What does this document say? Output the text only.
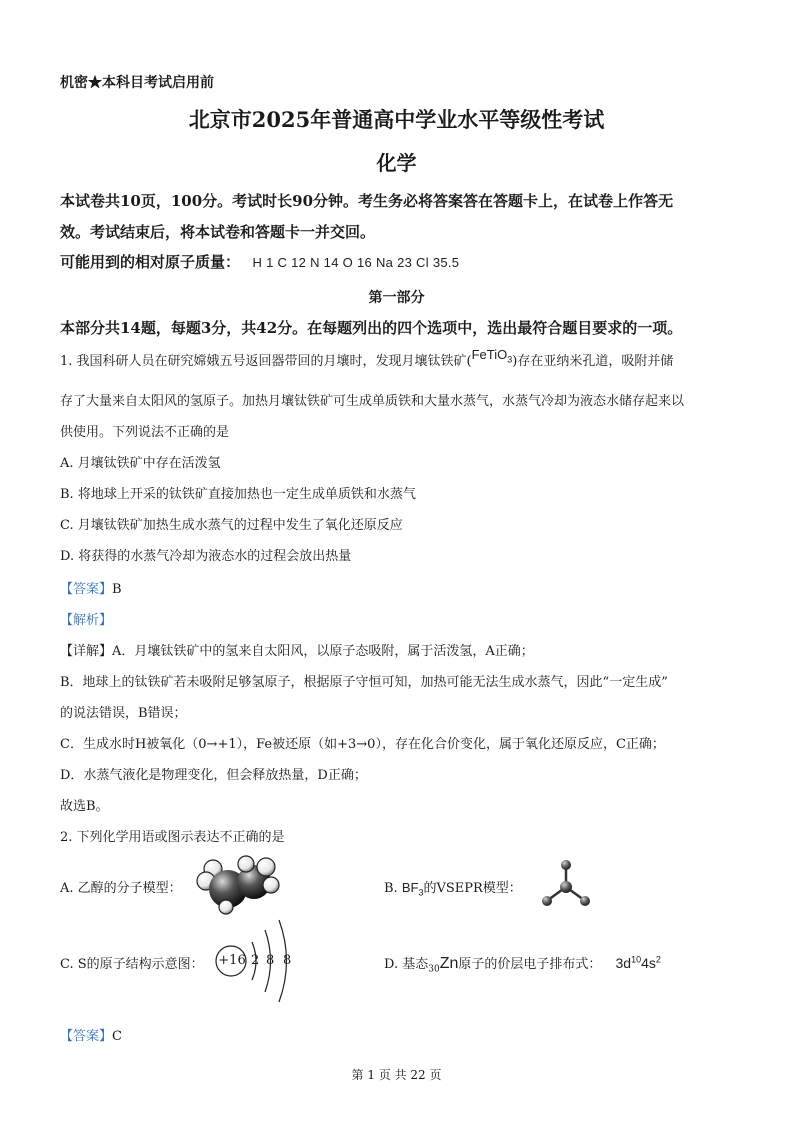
机密★本科目考试启用前
北京市2025年普通高中学业水平等级性考试
化学
本试卷共10页，100分。考试时长90分钟。考生务必将答案答在答题卡上，在试卷上作答无
效。考试结束后，将本试卷和答题卡一并交回。
可能用到的相对原子质量： H 1 C 12 N 14 O 16 Na 23 Cl 35.5
第一部分
本部分共14题，每题3分，共42分。在每题列出的四个选项中，选出最符合题目要求的一项。
1. 我国科研人员在研究嫦娥五号返回器带回的月壤时，发现月壤钛铁矿(FeTiO$_3$)存在亚纳米孔道，吸附并储
存了大量来自太阳风的氢原子。加热月壤钛铁矿可生成单质铁和大量水蒸气，水蒸气冷却为液态水储存起来以
供使用。下列说法不正确的是
A. 月壤钛铁矿中存在活泼氢
B. 将地球上开采的钛铁矿直接加热也一定生成单质铁和水蒸气
C. 月壤钛铁矿加热生成水蒸气的过程中发生了氧化还原反应
D. 将获得的水蒸气冷却为液态水的过程会放出热量
【答案】B
【解析】
【详解】A．月壤钛铁矿中的氢来自太阳风，以原子态吸附，属于活泼氢，A正确；
B．地球上的钛铁矿若未吸附足够氢原子，根据原子守恒可知，加热可能无法生成水蒸气，因此“一定生成”
的说法错误，B错误；
C．生成水时H被氧化（0→+1），Fe被还原（如+3→0），存在化合价变化，属于氧化还原反应，C正确；
D．水蒸气液化是物理变化，但会释放热量，D正确；
故选B。
2. 下列化学用语或图示表达不正确的是
A. 乙醇的分子模型：	B. $BF_3$的VSEPR模型：
C. S的原子结构示意图： +16 2 8 8	D. 基态$_{30}$Zn原子的价层电子排布式： $3d^{10}4s^2$
【答案】C
第 1 页 共 22 页
